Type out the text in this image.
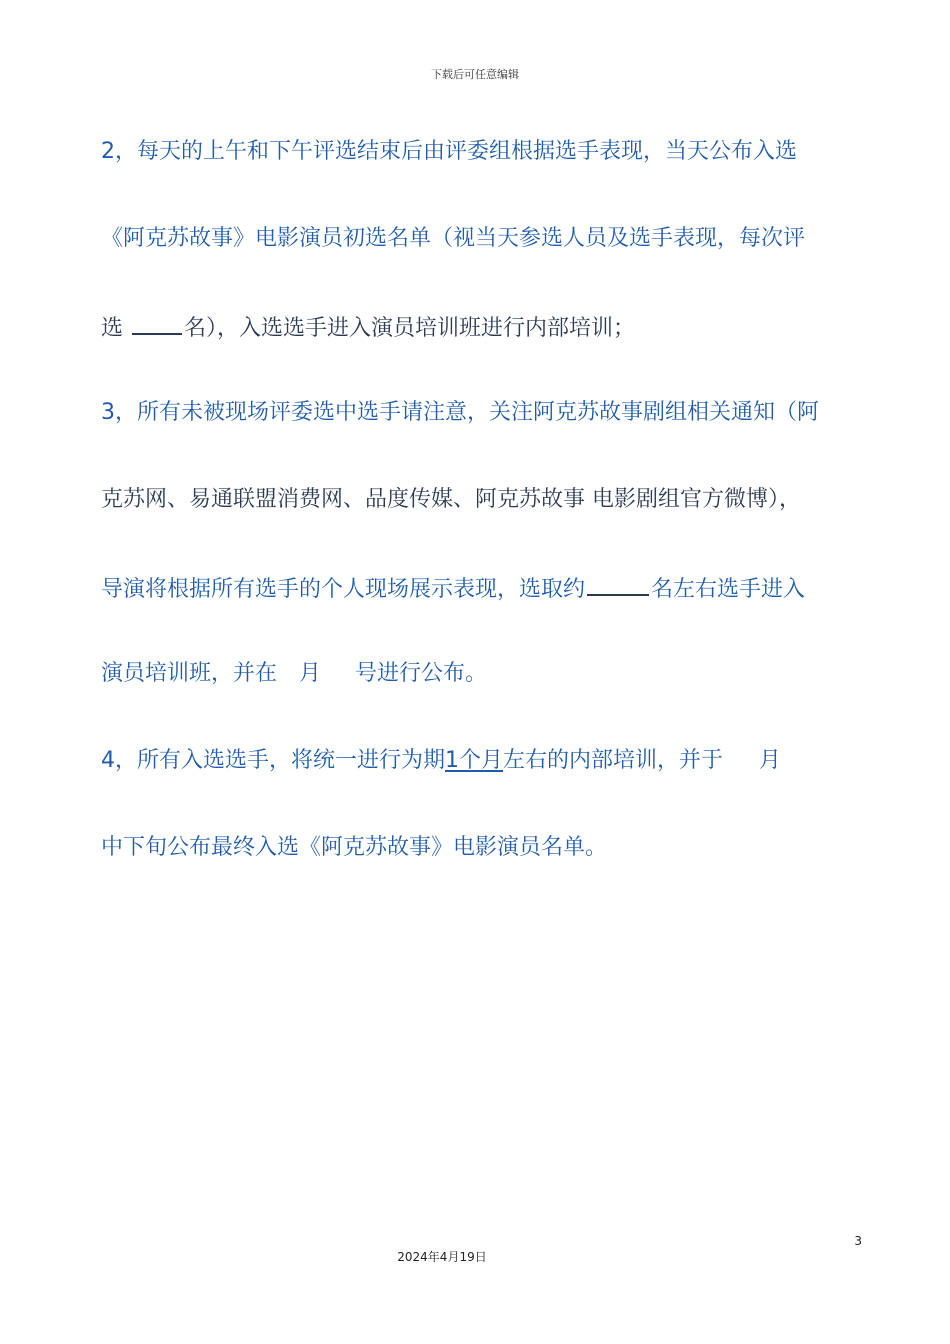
下载后可任意编辑
2，每天的上午和下午评选结束后由评委组根据选手表现，当天公布入选
《阿克苏故事》电影演员初选名单（视当天参选人员及选手表现，每次评
选 名），入选选手进入演员培训班进行内部培训；
3，所有未被现场评委选中选手请注意，关注阿克苏故事剧组相关通知（阿
克苏网、易通联盟消费网、品度传媒、阿克苏故事 电影剧组官方微博），
导演将根据所有选手的个人现场展示表现，选取约	名左右选手进入
演员培训班，并在 月 号进行公布。
4，所有入选选手，将统一进行为期1个月左右的内部培训，并于 月
中下旬公布最终入选《阿克苏故事》电影演员名单。
3
2024年4月19日
